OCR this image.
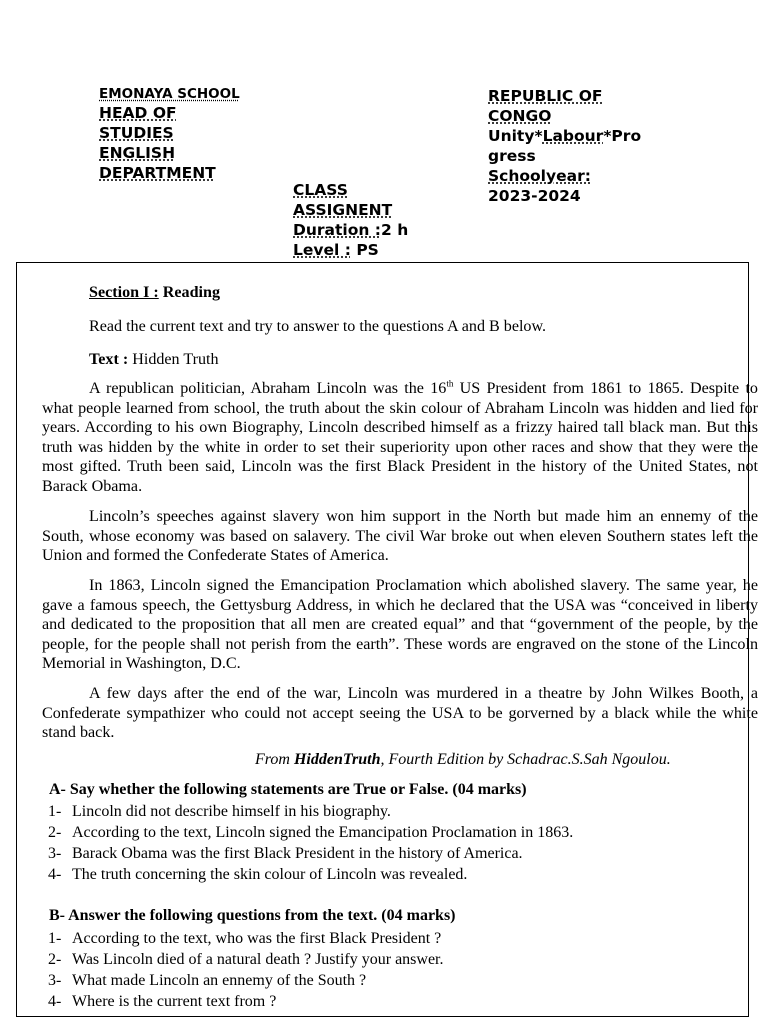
EMONAYA SCHOOL
HEAD OF
STUDIES
ENGLISH
DEPARTMENT
REPUBLIC OF
CONGO
Unity*Labour*Pro
gress
Schoolyear:
2023-2024
CLASS
ASSIGNENT
Duration :2 h
Level : PS
Section I : Reading
Read the current text and try to answer to the questions A and B below.
Text : Hidden Truth

A republican politician, Abraham Lincoln was the 16th US President from 1861 to 1865. Despite to what people learned from school, the truth about the skin colour of Abraham Lincoln was hidden and lied for years. According to his own Biography, Lincoln described himself as a frizzy haired tall black man. But this truth was hidden by the white in order to set their superiority upon other races and show that they were the most gifted. Truth been said, Lincoln was the first Black President in the history of the United States, not Barack Obama.

Lincoln’s speeches against slavery won him support in the North but made him an ennemy of the South, whose economy was based on salavery. The civil War broke out when eleven Southern states left the Union and formed the Confederate States of America.

In 1863, Lincoln signed the Emancipation Proclamation which abolished slavery. The same year, he gave a famous speech, the Gettysburg Address, in which he declared that the USA was “conceived in liberty and dedicated to the proposition that all men are created equal” and that “government of the people, by the people, for the people shall not perish from the earth”. These words are engraved on the stone of the Lincoln Memorial in Washington, D.C.

A few days after the end of the war, Lincoln was murdered in a theatre by John Wilkes Booth, a Confederate sympathizer who could not accept seeing the USA to be gorverned by a black while the white stand back.

From HiddenTruth, Fourth Edition by Schadrac.S.Sah Ngoulou.
A- Say whether the following statements are True or False. (04 marks)
1- Lincoln did not describe himself in his biography.
2- According to the text, Lincoln signed the Emancipation Proclamation in 1863.
3- Barack Obama was the first Black President in the history of America.
4- The truth concerning the skin colour of Lincoln was revealed.
B- Answer the following questions from the text. (04 marks)
1- According to the text, who was the first Black President ?
2- Was Lincoln died of a natural death ? Justify your answer.
3- What made Lincoln an ennemy of the South ?
4- Where is the current text from ?
